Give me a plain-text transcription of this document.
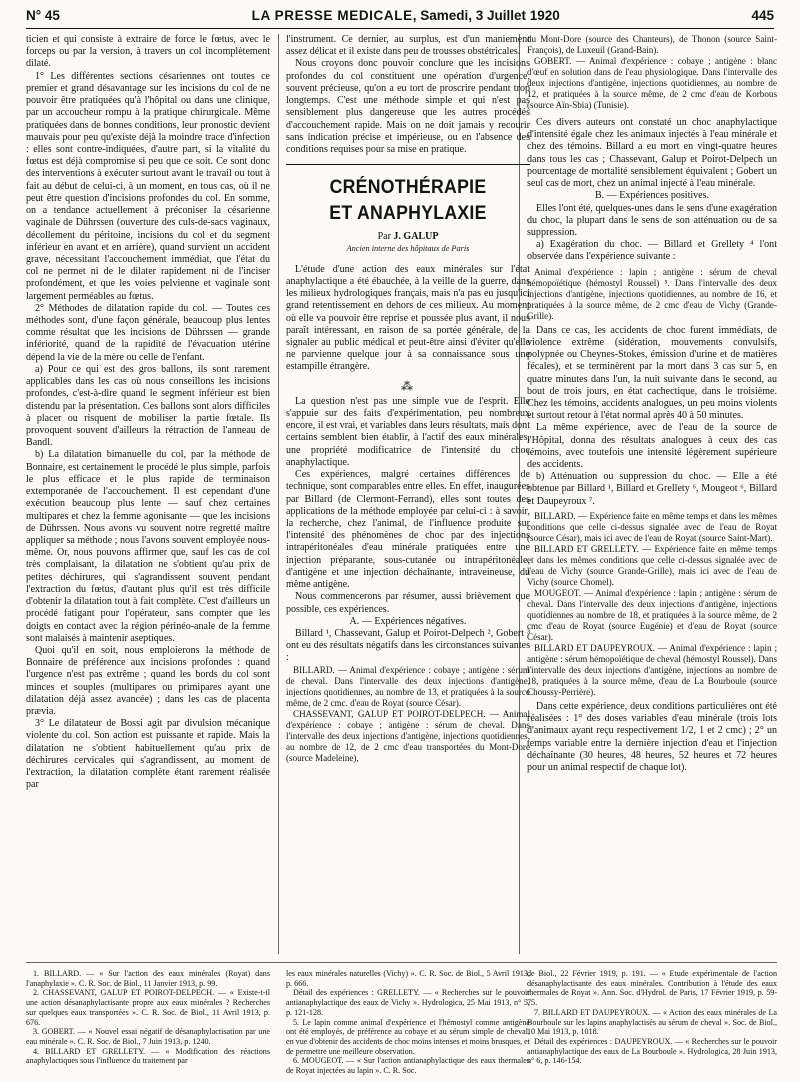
N° 45	LA PRESSE MEDICALE, Samedi, 3 Juillet 1920	445

ticien et qui consiste à extraire de force le fœtus, avec le forceps ou par la version, à travers un col incomplètement dilaté.

1° Les différentes sections césariennes ont toutes ce premier et grand désavantage sur les incisions du col de ne pouvoir être pratiquées qu'à l'hôpital ou dans une clinique, par un accoucheur rompu à la pratique chirurgicale. Même pratiquées dans de bonnes conditions, leur pronostic devient mauvais pour peu qu'existe déjà la moindre trace d'infection : elles sont contre-indiquées, d'autre part, si la vitalité du fœtus est déjà compromise si peu que ce soit. Ce sont donc des interventions à exécuter surtout avant le travail ou tout à fait au début de celui-ci, à un moment, en tous cas, où il ne peut être question d'incisions profondes du col. En somme, on a tendance actuellement à préconiser la césarienne vaginale de Dührssen (ouverture des culs-de-sacs vaginaux, décollement du péritoine, incisions du col et du segment inférieur en avant et en arrière), quand survient un accident grave, nécessitant l'accouchement immédiat, que l'état du col ne permet ni de le dilater rapidement ni de l'inciser profondément, et que les voies pelvienne et vaginale sont largement perméables au fœtus.

2° Méthodes de dilatation rapide du col. — Toutes ces méthodes sont, d'une façon générale, beaucoup plus lentes comme résultat que les incisions de Dührssen — grande infériorité, quand de la rapidité de l'évacuation utérine dépend la vie de la mère ou celle de l'enfant.

a) Pour ce qui est des gros ballons, ils sont rarement applicables dans les cas où nous conseillons les incisions profondes, c'est-à-dire quand le segment inférieur est bien distendu par la présentation. Ces ballons sont alors difficiles à placer ou risquent de mobiliser la partie fœtale. Ils provoquent souvent d'ailleurs la rétraction de l'anneau de Bandl.

b) La dilatation bimanuelle du col, par la méthode de Bonnaire, est certainement le procédé le plus simple, parfois le plus efficace et le plus rapide de terminaison extemporanée de l'accouchement. Il est cependant d'une exécution beaucoup plus lente — sauf chez certaines multipares et chez la femme agonisante — que les incisions de Dührssen. Nous avons vu souvent notre regretté maître appliquer sa méthode ; nous l'avons souvent employée nous-même. Or, nous pouvons affirmer que, sauf les cas de col très complaisant, la dilatation ne s'obtient qu'au prix de petites déchirures, qui s'agrandissent souvent pendant l'extraction du fœtus, d'autant plus qu'il est très difficile d'obtenir la dilatation tout à fait complète. C'est d'ailleurs un procédé fatigant pour l'opérateur, sans compter que les doigts en contact avec la région périnéo-anale de la femme sont malaisés à maintenir aseptiques.

Quoi qu'il en soit, nous emploierons la méthode de Bonnaire de préférence aux incisions profondes : quand l'urgence n'est pas extrême ; quand les bords du col sont minces et souples (multipares ou primipares ayant une dilatation déjà assez avancée) ; dans les cas de placenta prævia.

3° Le dilatateur de Bossi agit par divulsion mécanique violente du col. Son action est puissante et rapide. Mais la dilatation ne s'obtient habituellement qu'au prix de déchirures cervicales qui s'agrandissent, au moment de l'extraction, la dilatation complète étant rarement réalisée par

l'instrument. Ce dernier, au surplus, est d'un maniement assez délicat et il existe dans peu de trousses obstétricales.

Nous croyons donc pouvoir conclure que les incisions profondes du col constituent une opération d'urgence, souvent précieuse, qu'on a eu tort de proscrire pendant trop longtemps. C'est une méthode simple et qui n'est pas sensiblement plus dangereuse que les autres procédés d'accouchement rapide. Mais on ne doit jamais y recourir sans indication précise et impérieuse, ou en l'absence des conditions requises pour sa mise en pratique.

CRÉNOTHÉRAPIE
ET ANAPHYLAXIE
Par J. GALUP
Ancien interne des hôpitaux de Paris

L'étude d'une action des eaux minérales sur l'état anaphylactique a été ébauchée, à la veille de la guerre, dans les milieux hydrologiques français, mais n'a pas eu jusqu'ici grand retentissement en dehors de ces milieux. Au moment où elle va pouvoir être reprise et poussée plus avant, il nous paraît intéressant, en raison de sa portée générale, de la signaler au public médical et peut-être ainsi d'éviter qu'elle ne parvienne quelque jour à sa connaissance sous une estampille étrangère.

⁂

La question n'est pas une simple vue de l'esprit. Elle s'appuie sur des faits d'expérimentation, peu nombreux encore, il est vrai, et variables dans leurs résultats, mais dont certains semblent bien établir, à l'actif des eaux minérales, une propriété modificatrice de l'intensité du choc anaphylactique.

Ces expériences, malgré certaines différences de technique, sont comparables entre elles. En effet, inaugurées par Billard (de Clermont-Ferrand), elles sont toutes des applications de la méthode employée par celui-ci : à savoir, la recherche, chez l'animal, de l'influence produite sur l'intensité des phénomènes de choc par des injections intrapéritonéales d'eau minérale pratiquées entre une injection préparante, sous-cutanée ou intrapéritonéale, d'antigène et une injection déchaînante, intraveineuse, du même antigène.

Nous commencerons par résumer, aussi brièvement que possible, ces expériences.

A. — Expériences négatives.

Billard ¹, Chassevant, Galup et Poirot-Delpech ², Gobert ³ ont eu des résultats négatifs dans les circonstances suivantes :

BILLARD. — Animal d'expérience : cobaye ; antigène : sérum de cheval. Dans l'intervalle des deux injections d'antigène, injections quotidiennes, au nombre de 13, et pratiquées à la source même, de 2 cmc. d'eau de Royat (source César).

CHASSEVANT, GALUP ET POIROT-DELPECH. — Animal d'expérience : cobaye ; antigène : sérum de cheval. Dans l'intervalle des deux injections d'antigène, injections quotidiennes, au nombre de 12, de 2 cmc d'eau transportées du Mont-Dore (source Madeleine),

du Mont-Dore (source des Chanteurs), de Thonon (source Saint-François), de Luxeuil (Grand-Bain).

GOBERT. — Animal d'expérience : cobaye ; antigène : blanc d'œuf en solution dans de l'eau physiologique. Dans l'intervalle des deux injections d'antigène, injections quotidiennes, au nombre de 12, et pratiquées à la source même, de 2 cmc d'eau de Korbous (source Aïn-Sbia) (Tunisie).

Ces divers auteurs ont constaté un choc anaphylactique d'intensité égale chez les animaux injectés à l'eau minérale et chez des témoins. Billard a eu mort en vingt-quatre heures dans tous les cas ; Chassevant, Galup et Poirot-Delpech un pourcentage de mortalité sensiblement équivalent ; Gobert un seul cas de mort, chez un animal injecté à l'eau minérale.

B. — Expériences positives.

Elles l'ont été, quelques-unes dans le sens d'une exagération du choc, la plupart dans le sens de son atténuation ou de sa suppression.

a) Exagération du choc. — Billard et Grellety ⁴ l'ont observée dans l'expérience suivante :

Animal d'expérience : lapin ; antigène : sérum de cheval hémopoïétique (hémostyl Roussel) ⁵. Dans l'intervalle des deux injections d'antigène, injections quotidiennes, au nombre de 16, et pratiquées à la source même, de 2 cmc d'eau de Vichy (Grande-Grille).

Dans ce cas, les accidents de choc furent immédiats, de violence extrême (sidération, mouvements convulsifs, polypnée ou Cheynes-Stokes, émission d'urine et de matières fécales), et se terminèrent par la mort dans 3 cas sur 5, en quatre minutes dans l'un, la nuit suivante dans le second, au bout de trois jours, en état cachectique, dans le troisième. Chez les témoins, accidents analogues, un peu moins violents et surtout retour à l'état normal après 40 à 50 minutes.

La même expérience, avec de l'eau de la source de l'Hôpital, donna des résultats analogues à ceux des cas témoins, avec toutefois une intensité légèrement supérieure des accidents.

b) Atténuation ou suppression du choc. — Elle a été obtenue par Billard ¹, Billard et Grellety ⁶, Mougeot ⁶, Billard et Daupeyroux ⁷.

BILLARD. — Expérience faite en même temps et dans les mêmes conditions que celle ci-dessus signalée avec de l'eau de Royat (source César), mais ici avec de l'eau de Royat (source Saint-Mart).

BILLARD ET GRELLETY. — Expérience faite en même temps et dans les mêmes conditions que celle ci-dessus signalée avec de l'eau de Vichy (source Grande-Grille), mais ici avec de l'eau de Vichy (source Chomel).

MOUGEOT. — Animal d'expérience : lapin ; antigène : sérum de cheval. Dans l'intervalle des deux injections d'antigène, injections quotidiennes au nombre de 18, et pratiquées à la source même, de 2 cmc d'eau de Royat (source Eugénie) et d'eau de Royat (source César).

BILLARD ET DAUPEYROUX. — Animal d'expérience : lapin ; antigène : sérum hémopoïétique de cheval (hémostyl Roussel). Dans l'intervalle des deux injections d'antigène, injections au nombre de 18, pratiquées à la source même, d'eau de La Bourboule (source Choussy-Perrière).

Dans cette expérience, deux conditions particulières ont été réalisées : 1° des doses variables d'eau minérale (trois lots d'animaux ayant reçu respectivement 1/2, 1 et 2 cmc) ; 2° un temps variable entre la dernière injection d'eau et l'injection déchaînante (30 heures, 48 heures, 52 heures et 72 heures pour un animal respectif de chaque lot).

1. BILLARD. — « Sur l'action des eaux minérales (Royat) dans l'anaphylaxie ». C. R. Soc. de Biol., 11 Janvier 1913, p. 99.

2. CHASSEVANT, GALUP ET POIROT-DELPECH. — « Existe-t-il une action désanaphylactisante propre aux eaux minérales ? Recherches sur quelques eaux transportées ». C. R. Soc. de Biol., 11 Avril 1913, p. 676.

3. GOBERT. — « Nouvel essai négatif de désanaphylactisation par une eau minérale ». C. R. Soc. de Biol., 7 Juin 1913, p. 1240.

4. BILLARD ET GRELLETY. — « Modification des réactions anaphylactiques sous l'influence du traitement par

les eaux minérales naturelles (Vichy) ». C. R. Soc. de Biol., 5 Avril 1913, p. 666.

Détail des expériences : GRELLETY. — « Recherches sur le pouvoir antianaphylactique des eaux de Vichy ». Hydrologica, 25 Mai 1913, n° 5, p. 121-128.

5. Le lapin comme animal d'expérience et l'hémostyl comme antigène ont été employés, de préférence au cobaye et au sérum simple de cheval, en vue d'obtenir des accidents de choc moins intenses et moins brusques, et de permettre une meilleure observation.

6. MOUGEOT. — « Sur l'action antianaphylactique des eaux thermales de Royat injectées au lapin ». C. R. Soc.

de Biol., 22 Février 1919, p. 191. — « Etude expérimentale de l'action désanaphylactisante des eaux minérales. Contribution à l'étude des eaux thermales de Royat ». Ann. Soc. d'Hydrol. de Paris, 17 Février 1919, p. 59-75.

7. BILLARD ET DAUPEYROUX. — « Action des eaux minérales de La Bourboule sur les lapins anaphylactisés au sérum de cheval ». Soc. de Biol., 10 Mai 1913, p. 1018.

Détail des expériences : DAUPEYROUX. — « Recherches sur le pouvoir antianaphylactique des eaux de La Bourboule ». Hydrologica, 28 Juin 1913, n° 6, p. 146-154.
